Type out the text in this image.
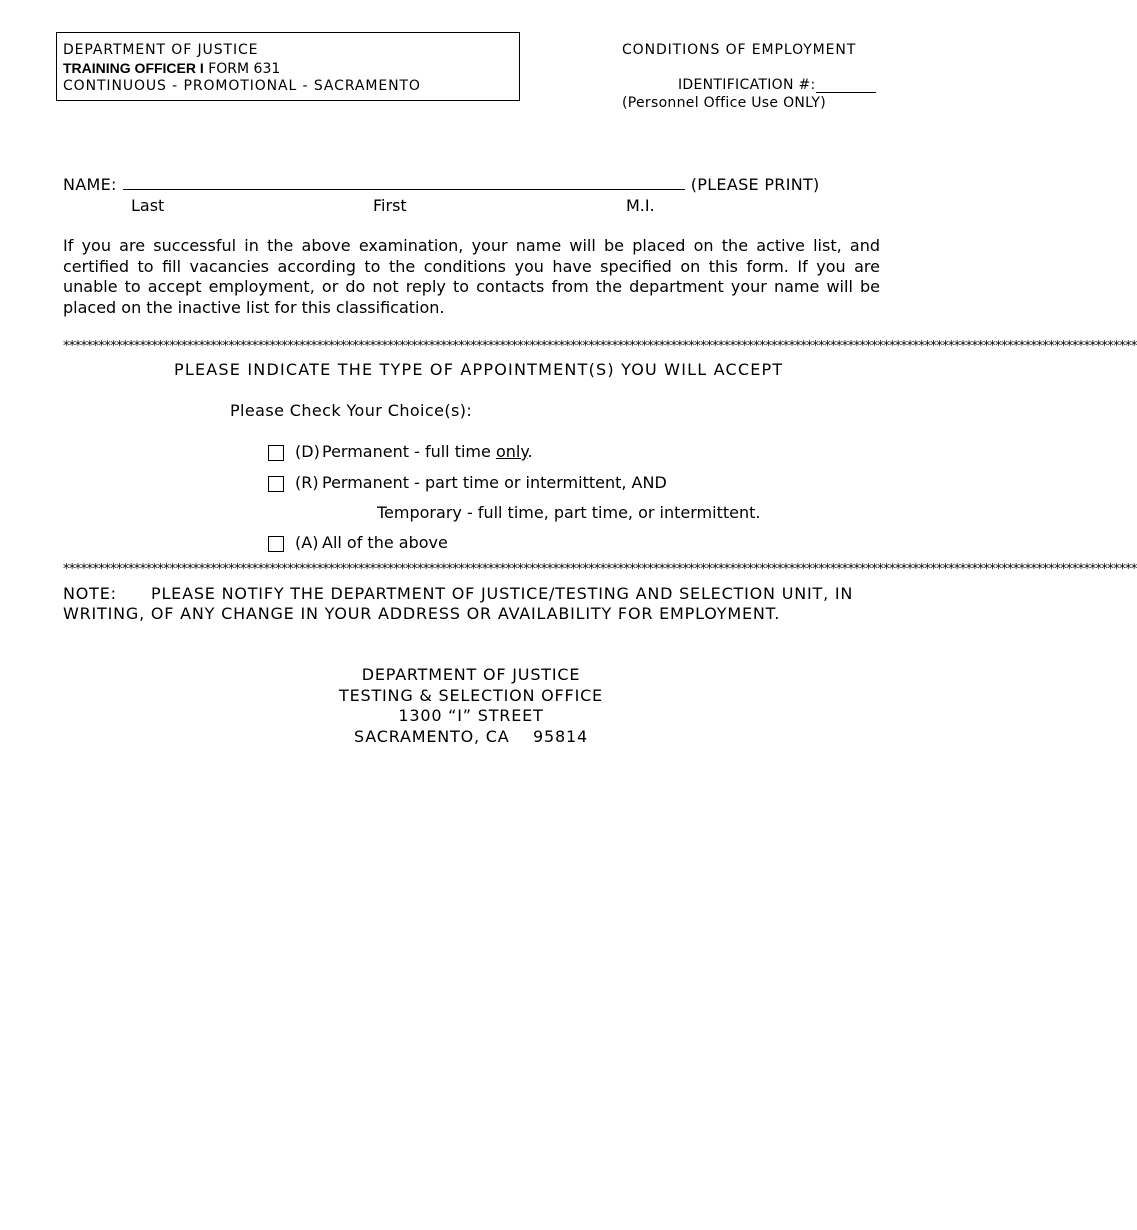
DEPARTMENT OF JUSTICE
TRAINING OFFICER I FORM 631
CONTINUOUS - PROMOTIONAL - SACRAMENTO
CONDITIONS OF EMPLOYMENT
IDENTIFICATION #:
(Personnel Office Use ONLY)
NAME:	(PLEASE PRINT)
Last	First	M.I.
If you are successful in the above examination, your name will be placed on the active list, and certified to fill vacancies according to the conditions you have specified on this form. If you are unable to accept employment, or do not reply to contacts from the department your name will be placed on the inactive list for this classification.
**************************************************************************************************************************************************************************************
PLEASE INDICATE THE TYPE OF APPOINTMENT(S) YOU WILL ACCEPT
Please Check Your Choice(s):
(D) Permanent - full time only.
(R) Permanent - part time or intermittent, AND
Temporary - full time, part time, or intermittent.
(A) All of the above
**************************************************************************************************************************************************************************************
NOTE: PLEASE NOTIFY THE DEPARTMENT OF JUSTICE/TESTING AND SELECTION UNIT, IN WRITING, OF ANY CHANGE IN YOUR ADDRESS OR AVAILABILITY FOR EMPLOYMENT.
DEPARTMENT OF JUSTICE
TESTING & SELECTION OFFICE
1300 “I” STREET
SACRAMENTO, CA    95814
